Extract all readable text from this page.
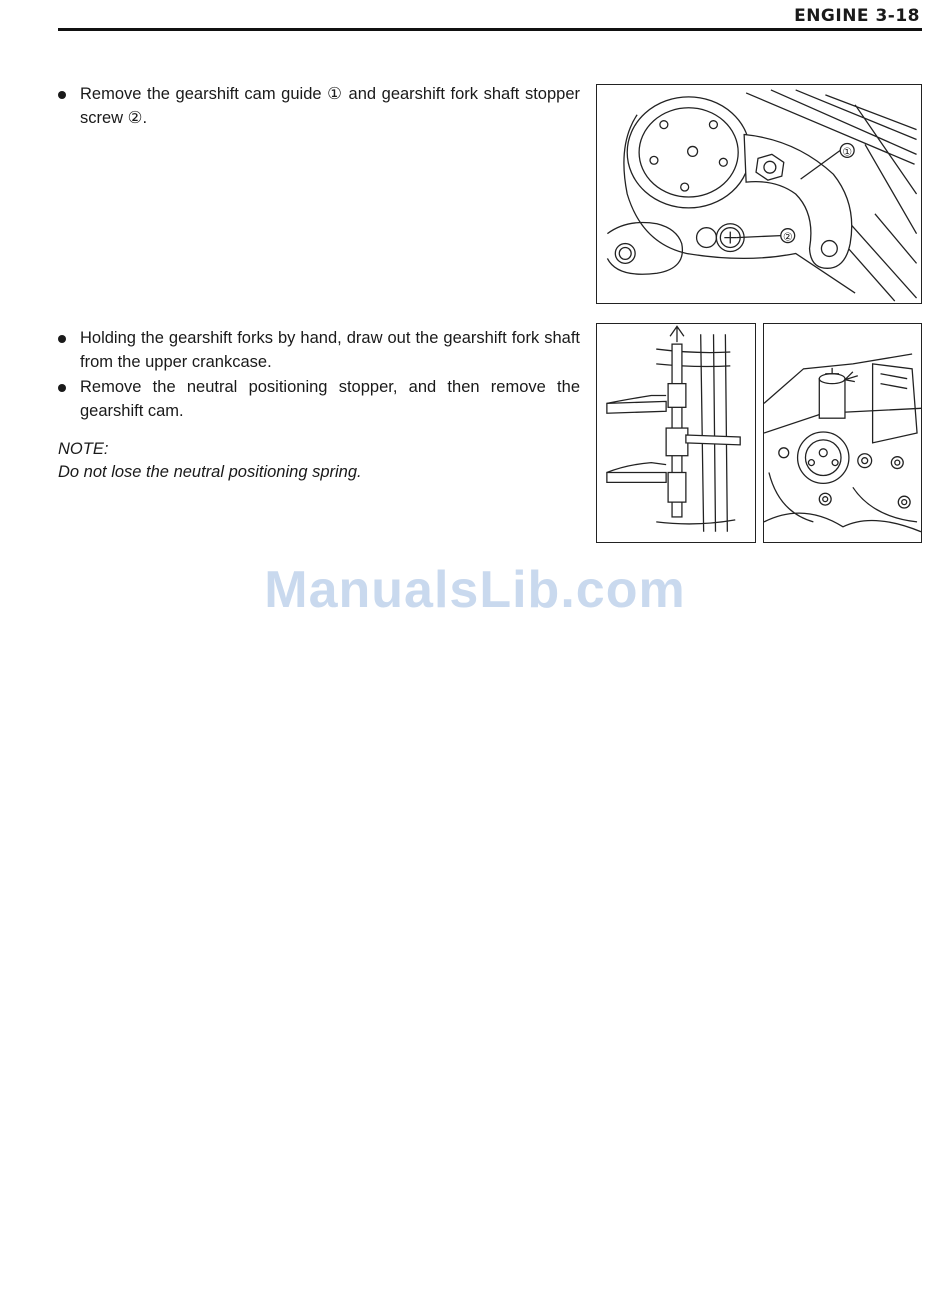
ENGINE 3-18
Remove the gearshift cam guide ① and gearshift fork shaft stopper screw ②.
Holding the gearshift forks by hand, draw out the gearshift fork shaft from the upper crankcase.
Remove the neutral positioning stopper, and then remove the gearshift cam.
NOTE:
Do not lose the neutral positioning spring.
①
②
ManualsLib.com
